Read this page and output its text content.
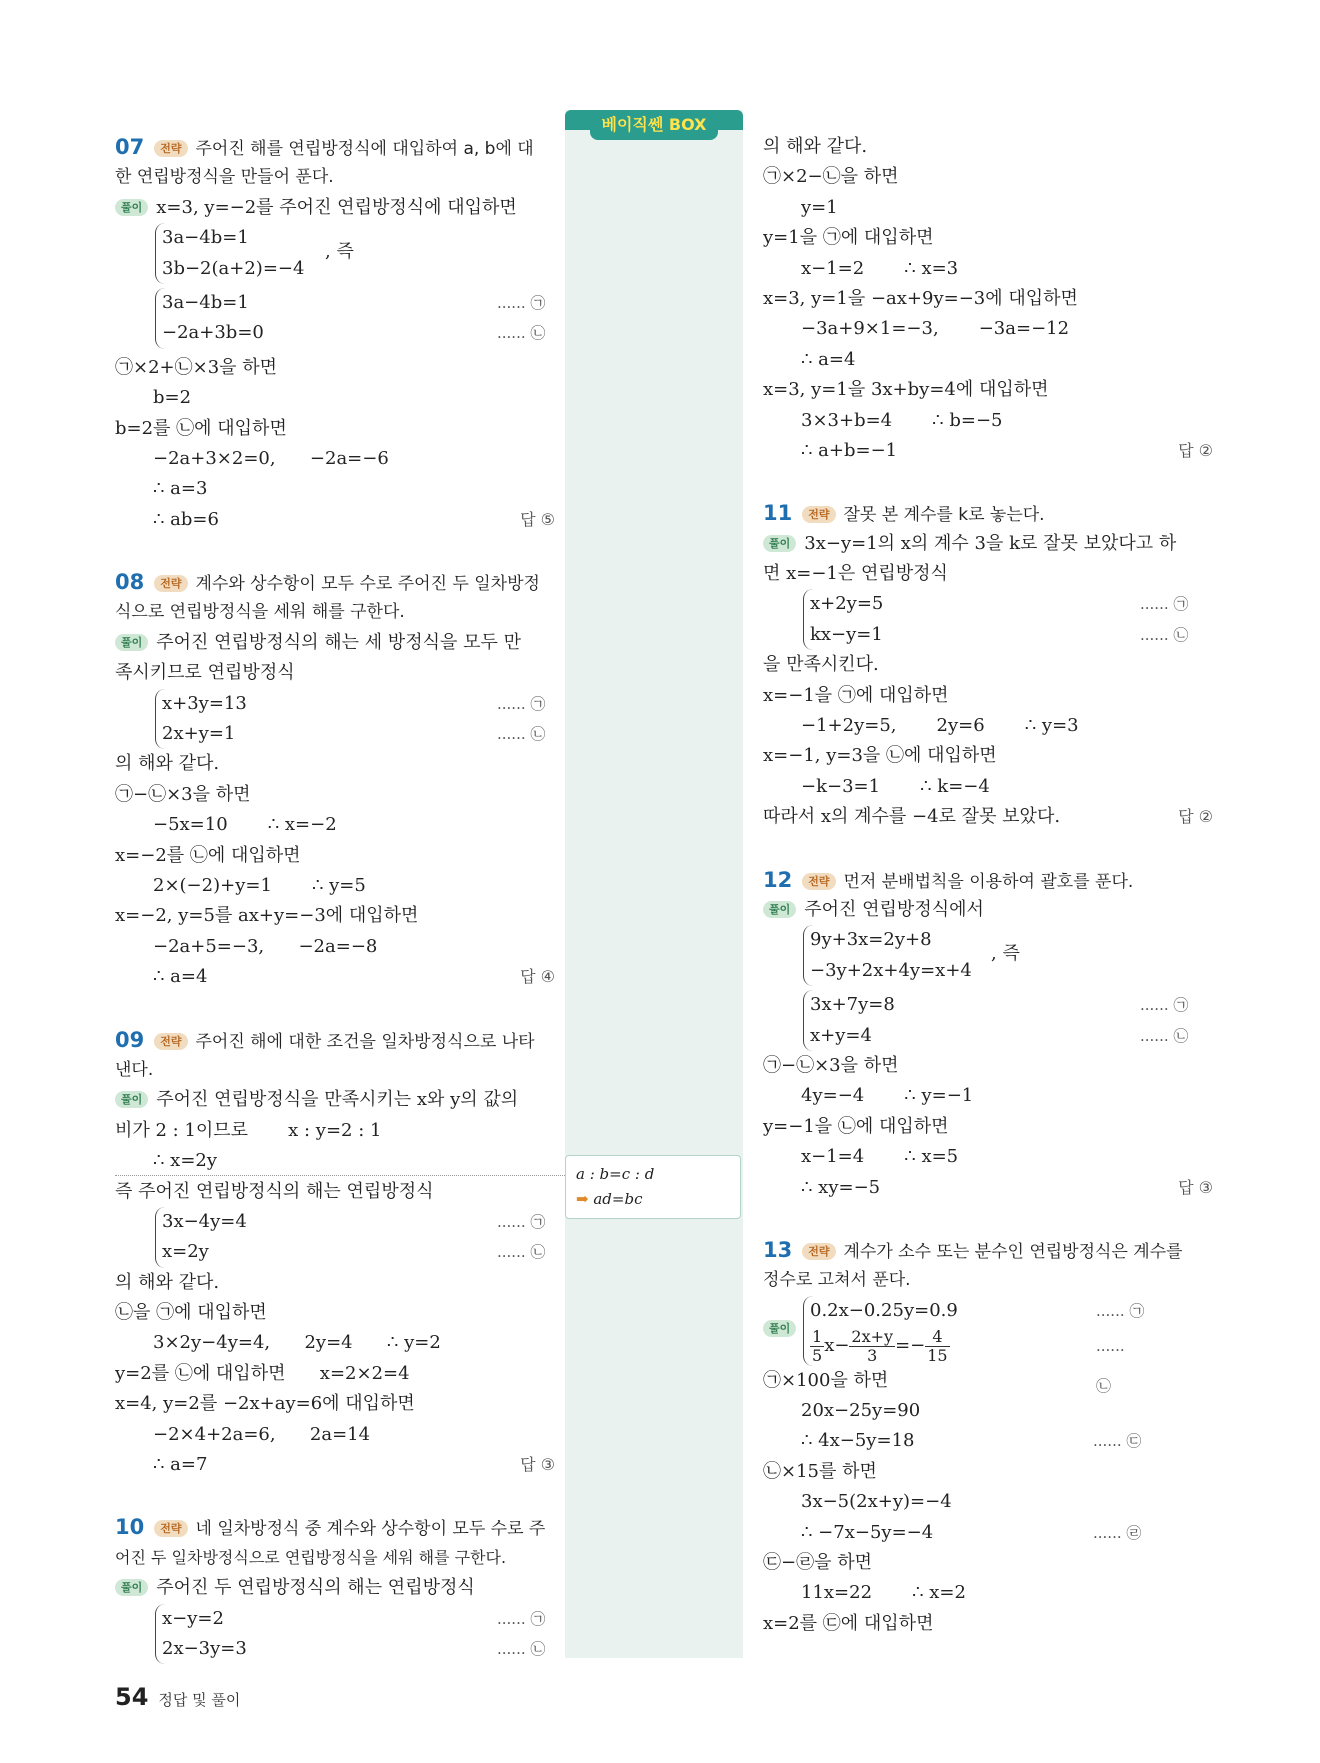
베이직쎈 BOX
a : b=c : d
➡ ad=bc
07 전략 주어진 해를 연립방정식에 대입하여 a, b에 대
한 연립방정식을 만들어 푼다.
풀이 x=3, y=−2를 주어진 연립방정식에 대입하면
3a−4b=1
3b−2(a+2)=−4
, 즉
3a−4b=1	...... ㉠
−2a+3b=0	...... ㉡
㉠×2+㉡×3을 하면
b=2
b=2를 ㉡에 대입하면
−2a+3×2=0,      −2a=−6
∴ a=3
∴ ab=6	답 ⑤
08 전략 계수와 상수항이 모두 수로 주어진 두 일차방정
식으로 연립방정식을 세워 해를 구한다.
풀이 주어진 연립방정식의 해는 세 방정식을 모두 만
족시키므로 연립방정식
x+3y=13	...... ㉠
2x+y=1	...... ㉡
의 해와 같다.
㉠−㉡×3을 하면
−5x=10       ∴ x=−2
x=−2를 ㉡에 대입하면
2×(−2)+y=1       ∴ y=5
x=−2, y=5를 ax+y=−3에 대입하면
−2a+5=−3,      −2a=−8
∴ a=4	답 ④
09 전략 주어진 해에 대한 조건을 일차방정식으로 나타
낸다.
풀이 주어진 연립방정식을 만족시키는 x와 y의 값의
비가 2 : 1이므로       x : y=2 : 1
∴ x=2y
즉 주어진 연립방정식의 해는 연립방정식
3x−4y=4	...... ㉠
x=2y	...... ㉡
의 해와 같다.
㉡을 ㉠에 대입하면
3×2y−4y=4,      2y=4      ∴ y=2
y=2를 ㉡에 대입하면      x=2×2=4
x=4, y=2를 −2x+ay=6에 대입하면
−2×4+2a=6,      2a=14
∴ a=7	답 ③
10 전략 네 일차방정식 중 계수와 상수항이 모두 수로 주
어진 두 일차방정식으로 연립방정식을 세워 해를 구한다.
풀이 주어진 두 연립방정식의 해는 연립방정식
x−y=2	...... ㉠
2x−3y=3	...... ㉡
의 해와 같다.
㉠×2−㉡을 하면
y=1
y=1을 ㉠에 대입하면
x−1=2       ∴ x=3
x=3, y=1을 −ax+9y=−3에 대입하면
−3a+9×1=−3,       −3a=−12
∴ a=4
x=3, y=1을 3x+by=4에 대입하면
3×3+b=4       ∴ b=−5
∴ a+b=−1	답 ②
11 전략 잘못 본 계수를 k로 놓는다.
풀이 3x−y=1의 x의 계수 3을 k로 잘못 보았다고 하
면 x=−1은 연립방정식
x+2y=5	...... ㉠
kx−y=1	...... ㉡
을 만족시킨다.
x=−1을 ㉠에 대입하면
−1+2y=5,       2y=6       ∴ y=3
x=−1, y=3을 ㉡에 대입하면
−k−3=1       ∴ k=−4
따라서 x의 계수를 −4로 잘못 보았다.	답 ②
12 전략 먼저 분배법칙을 이용하여 괄호를 푼다.
풀이 주어진 연립방정식에서
9y+3x=2y+8
−3y+2x+4y=x+4
, 즉
3x+7y=8	...... ㉠
x+y=4	...... ㉡
㉠−㉡×3을 하면
4y=−4       ∴ y=−1
y=−1을 ㉡에 대입하면
x−1=4       ∴ x=5
∴ xy=−5	답 ③
13 전략 계수가 소수 또는 분수인 연립방정식은 계수를
정수로 고쳐서 푼다.
풀이
0.2x−0.25y=0.9	...... ㉠
$\frac{1}{5} x- \frac{2x+y}{3} =- \frac{4}{15}$	...... ㉡
㉠×100을 하면
20x−25y=90
∴ 4x−5y=18	...... ㉢
㉡×15를 하면
3x−5(2x+y)=−4
∴ −7x−5y=−4	...... ㉣
㉢−㉣을 하면
11x=22       ∴ x=2
x=2를 ㉢에 대입하면
54 정답 및 풀이
